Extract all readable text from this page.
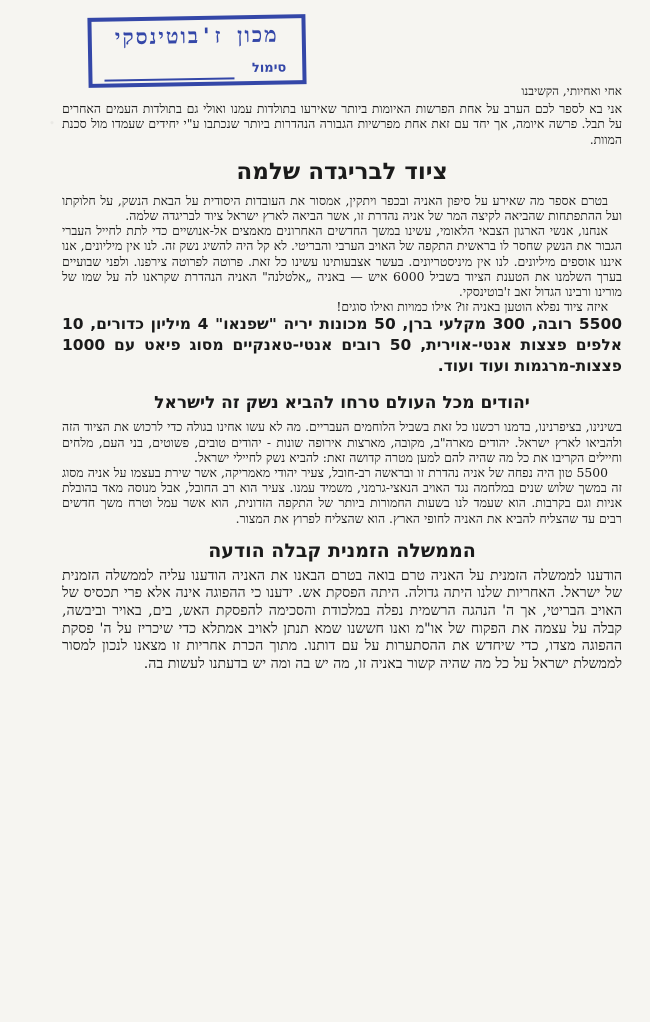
מכון ז'בוטינסקי
סימול

אחי ואחיותי, הקשיבנו

אני בא לספר לכם הערב על אחת הפרשות האיומות ביותר שאירעו בתולדות עמנו ואולי גם בתולדות העמים האחרים על תבל. פרשה איומה, אך יחד עם זאת אחת מפרשיות הגבורה הנהדרות ביותר שנכתבו ע"י יחידים שעמדו מול סכנת המוות.

ציוד לבריגדה שלמה

בטרם אספר מה שאירע על סיפון האניה ובכפר ויתקין, אמסור את העובדות היסודית על הבאת הנשק, על חלוקתו ועל ההתפתחות שהביאה לקיצה המר של אניה נהדרת זו, אשר הביאה לארץ ישראל ציוד לבריגדה שלמה.

אנחנו, אנשי הארגון הצבאי הלאומי, עשינו במשך החדשים האחרונים מאמצים אל-אנושיים כדי לתת לחייל העברי הגבור את הנשק שחסר לו בראשית התקפה של האויב הערבי והבריטי. לא קל היה להשיג נשק זה. לנו אין מיליונים, אנו איננו אוספים מיליונים. לנו אין מיניסטריונים. בעשר אצבעותינו עשינו כל זאת. פרוטה לפרוטה צירפנו. ולפני שבועיים בערך השלמנו את הטענת הציוד בשביל 6000 איש — באניה „אלטלנה" האניה הנהדרת שקראנו לה על שמו של מורינו ורבינו הגדול זאב ז'בוטינסקי.

איזה ציוד נפלא הוטען באניה זו? אילו כמויות ואילו סוגים!

5500 רובה, 300 מקלעי ברן, 50 מכונות יריה "שפנאו" 4 מיליון כדורים, 10 אלפים פצצות אנטי-אוירית, 50 רובים אנטי-טאנקיים מסוג פיאט עם 1000 פצצות-מרגמות ועוד ועוד.

יהודים מכל העולם טרחו להביא נשק זה לישראל

בשינינו, בציפרנינו, בדמנו רכשנו כל זאת בשביל הלוחמים העבריים. מה לא עשו אחינו בגולה כדי לרכוש את הציוד הזה ולהביאו לארץ ישראל. יהודים מארה"ב, מקובה, מארצות אירופה שונות - יהודים טובים, פשוטים, בני העם, מלחים וחיילים הקריבו את כל מה שהיה להם למען מטרה קדושה זאת: להביא נשק לחיילי ישראל.

5500 טון היה נפחה של אניה נהדרת זו ובראשה רב-חובל, צעיר יהודי מאמריקה, אשר שירת בעצמו על אניה מסוג זה במשך שלוש שנים במלחמה נגד האויב הנאצי-גרמני, משמיד עמנו. צעיר הוא רב החובל, אבל מנוסה מאד בהובלת אניות וגם בקרבות. הוא שעמד לנו בשעות החמורות ביותר של התקפה הזדונית, הוא אשר עמל וטרח משך חדשים רבים עד שהצליח להביא את האניה לחופי הארץ. הוא שהצליח לפרוץ את המצור.

הממשלה הזמנית קבלה הודעה

הודענו לממשלה הזמנית על האניה טרם בואה בטרם הבאנו את האניה הודענו עליה לממשלה הזמנית של ישראל. האחריות שלנו היתה גדולה. היתה הפסקת אש. ידענו כי ההפוגה אינה אלא פרי תכסיס של האויב הבריטי, אך ה' הנהגה הרשמית נפלה במלכודת והסכימה להפסקת האש, בים, באויר וביבשה, קבלה על עצמה את הפקוח של או"מ ואנו חששנו שמא תנתן לאויב אמתלא כדי שיכריז על ה' פסקת ההפוגה מצדו, כדי שיחדש את ההסתערות על עם דותנו. מתוך הכרת אחריות זו מצאנו לנכון למסור לממשלת ישראל על כל מה שהיה קשור באניה זו, מה יש בה ומה יש בדעתנו לעשות בה.
